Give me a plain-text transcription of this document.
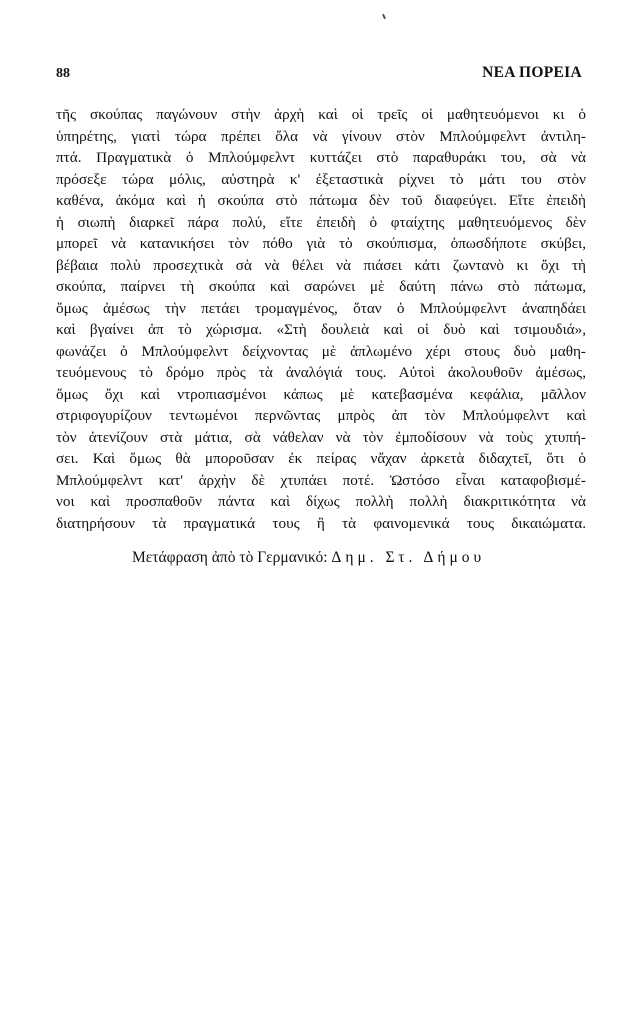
88	ΝΕΑ ΠΟΡΕΙΑ
τῆς σκούπας παγώνουν στὴν ἀρχὴ καὶ οἱ τρεῖς οἱ μαθητευόμενοι κι ὁ
ὑπηρέτης, γιατὶ τώρα πρέπει ὅλα νὰ γίνουν στὸν Μπλούμφελντ ἀντιλη-
πτά. Πραγματικὰ ὁ Μπλούμφελντ κυττάζει στὸ παραθυράκι του, σὰ νὰ
πρόσεξε τώρα μόλις, αὐστηρὰ κ' ἐξεταστικὰ ρίχνει τὸ μάτι του στὸν
καθένα, ἀκόμα καὶ ἡ σκούπα στὸ πάτωμα δὲν τοῦ διαφεύγει. Εἴτε ἐπειδὴ
ἡ σιωπὴ διαρκεῖ πάρα πολύ, εἴτε ἐπειδὴ ὁ φταίχτης μαθητευόμενος δὲν
μπορεῖ νὰ κατανικήσει τὸν πόθο γιὰ τὸ σκούπισμα, ὁπωσδήποτε σκύβει,
βέβαια πολὺ προσεχτικὰ σὰ νὰ θέλει νὰ πιάσει κάτι ζωντανὸ κι ὄχι τὴ
σκούπα, παίρνει τὴ σκούπα καὶ σαρώνει μὲ δαύτη πάνω στὸ πάτωμα,
ὅμως ἀμέσως τὴν πετάει τρομαγμένος, ὅταν ὁ Μπλούμφελντ ἀναπηδάει
καὶ βγαίνει ἀπ τὸ χώρισμα. «Στὴ δουλειὰ καὶ οἱ δυὸ καὶ τσιμουδιά»,
φωνάζει ὁ Μπλούμφελντ δείχνοντας μὲ ἁπλωμένο χέρι στους δυὸ μαθη-
τευόμενους τὸ δρόμο πρὸς τὰ ἀναλόγιά τους. Αὐτοὶ ἀκολουθοῦν ἀμέσως,
ὅμως ὄχι καὶ ντροπιασμένοι κάπως μὲ κατεβασμένα κεφάλια, μᾶλλον
στριφογυρίζουν τεντωμένοι περνῶντας μπρὸς ἀπ τὸν Μπλούμφελντ καὶ
τὸν ἀτενίζουν στὰ μάτια, σὰ νάθελαν νὰ τὸν ἐμποδίσουν νὰ τοὺς χτυπή-
σει. Καὶ ὅμως θὰ μποροῦσαν ἐκ πείρας νἄχαν ἀρκετὰ διδαχτεῖ, ὅτι ὁ
Μπλούμφελντ κατ' ἀρχὴν δὲ χτυπάει ποτέ. Ὡστόσο εἶναι καταφοβισμέ-
νοι καὶ προσπαθοῦν πάντα καὶ δίχως πολλὴ πολλὴ διακριτικότητα νὰ
διατηρήσουν τὰ πραγματικά τους ἢ τὰ φαινομενικά τους δικαιώματα.
Μετάφραση ἀπὸ τὸ Γερμανικό: Δημ. Στ. Δήμου
